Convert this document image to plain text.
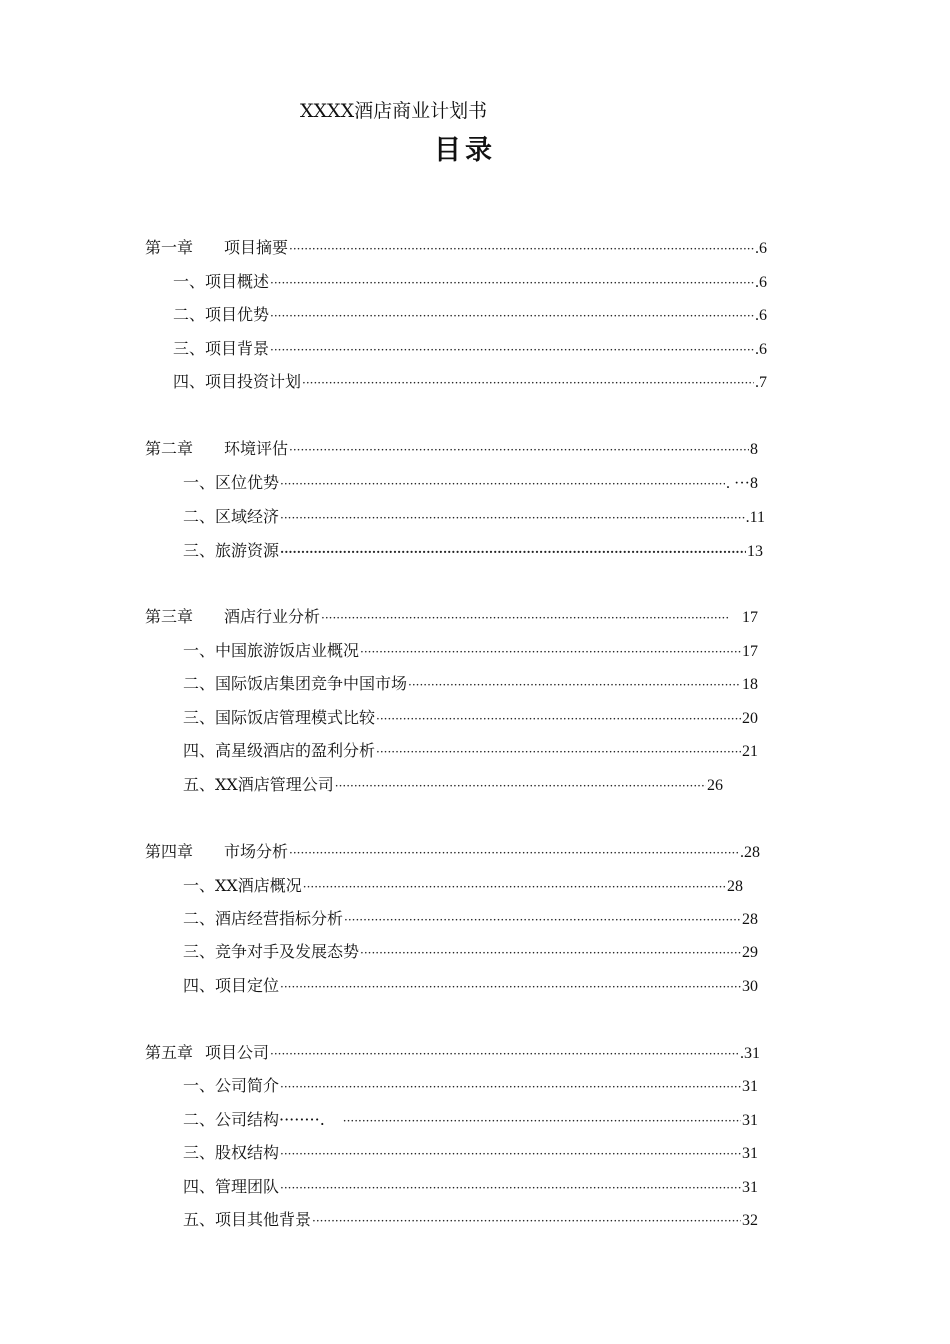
XXXX酒店商业计划书
目录
第一章 项目摘要 ·····	.6
一、项目概述 ·····	.6
二、项目优势 ·····	.6
三、项目背景 ·····	.6
四、项目投资计划 ·····	.7
第二章 环境评估 ·····	8
一、区位优势 ·····	. ···8
二、区域经济 ·····	.11
三、旅游资源 ·····	13
第三章 酒店行业分析 ·····	17
一、中国旅游饭店业概况 ·····	17
二、国际饭店集团竞争中国市场 ·····	18
三、国际饭店管理模式比较 ·····	20
四、高星级酒店的盈利分析 ·····	21
五、XX酒店管理公司 ·····	26
第四章 市场分析 ·····	.28
一、XX酒店概况 ·····	28
二、酒店经营指标分析 ·····	28
三、竞争对手及发展态势 ·····	29
四、项目定位 ·····	30
第五章 项目公司 ·····	.31
一、公司简介 ·····	31
二、公司结构········. ·····	31
三、股权结构 ·····	31
四、管理团队 ·····	31
五、项目其他背景 ·····	32
